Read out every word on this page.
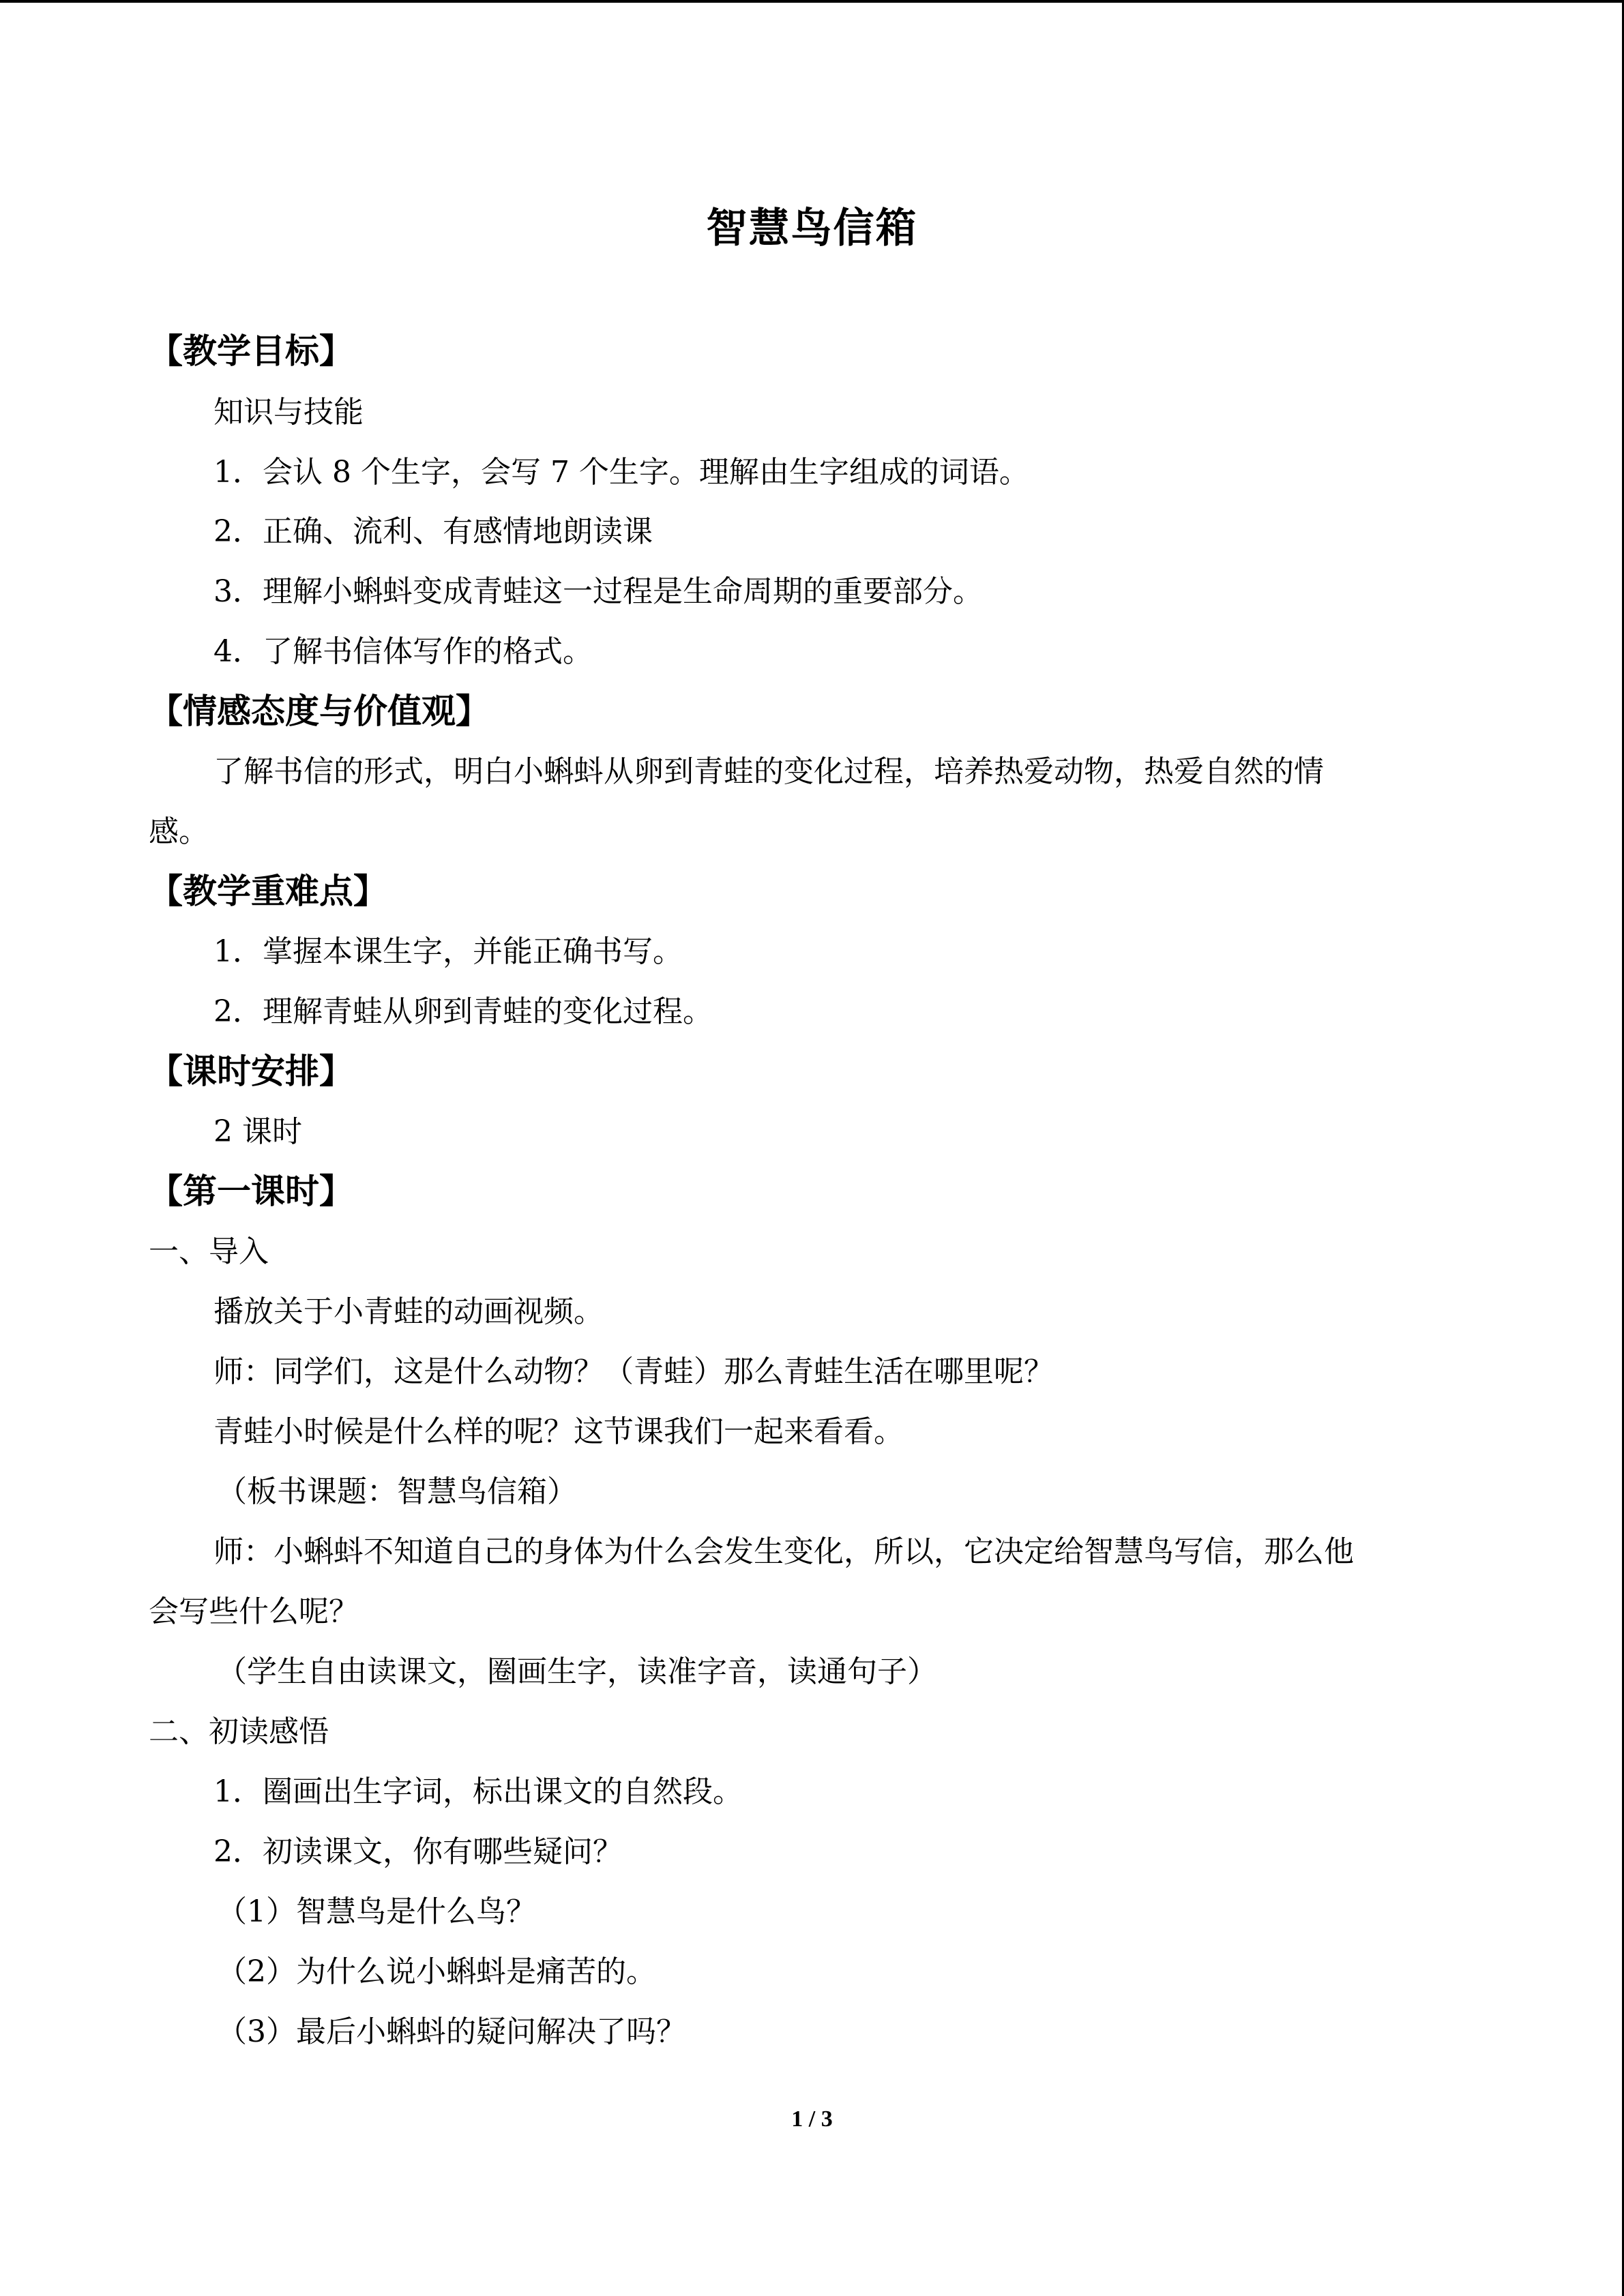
智慧鸟信箱
【教学目标】
知识与技能
1．会认 8 个生字，会写 7 个生字。理解由生字组成的词语。
2．正确、流利、有感情地朗读课
3．理解小蝌蚪变成青蛙这一过程是生命周期的重要部分。
4．了解书信体写作的格式。
【情感态度与价值观】
了解书信的形式，明白小蝌蚪从卵到青蛙的变化过程，培养热爱动物，热爱自然的情
感。
【教学重难点】
1．掌握本课生字，并能正确书写。
2．理解青蛙从卵到青蛙的变化过程。
【课时安排】
2 课时
【第一课时】
一、导入
播放关于小青蛙的动画视频。
师：同学们，这是什么动物？（青蛙）那么青蛙生活在哪里呢？
青蛙小时候是什么样的呢？这节课我们一起来看看。
（板书课题：智慧鸟信箱）
师：小蝌蚪不知道自己的身体为什么会发生变化，所以，它决定给智慧鸟写信，那么他
会写些什么呢？
（学生自由读课文，圈画生字，读准字音，读通句子）
二、初读感悟
1．圈画出生字词，标出课文的自然段。
2．初读课文，你有哪些疑问？
（1）智慧鸟是什么鸟？
（2）为什么说小蝌蚪是痛苦的。
（3）最后小蝌蚪的疑问解决了吗？
1 / 3
